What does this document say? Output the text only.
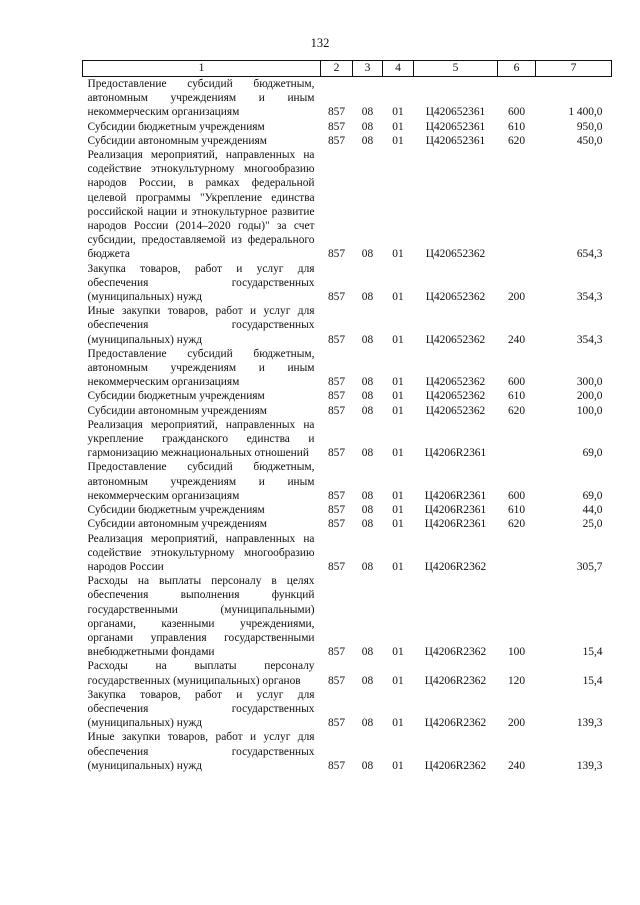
132
1	2	3	4	5	6	7
Предоставление субсидий бюджетным, автономным учреждениям и иным некоммерческим организациям	857	08	01	Ц420652361	600	1 400,0
Субсидии бюджетным учреждениям	857	08	01	Ц420652361	610	950,0
Субсидии автономным учреждениям	857	08	01	Ц420652361	620	450,0
Реализация мероприятий, направленных на содействие этнокультурному многообразию народов России, в рамках федеральной целевой программы "Укрепление единства российской нации и этнокультурное развитие народов России (2014–2020 годы)" за счет субсидии, предоставляемой из федерального бюджета	857	08	01	Ц420652362		654,3
Закупка товаров, работ и услуг для обеспечения государственных (муниципальных) нужд	857	08	01	Ц420652362	200	354,3
Иные закупки товаров, работ и услуг для обеспечения государственных (муниципальных) нужд	857	08	01	Ц420652362	240	354,3
Предоставление субсидий бюджетным, автономным учреждениям и иным некоммерческим организациям	857	08	01	Ц420652362	600	300,0
Субсидии бюджетным учреждениям	857	08	01	Ц420652362	610	200,0
Субсидии автономным учреждениям	857	08	01	Ц420652362	620	100,0
Реализация мероприятий, направленных на укрепление гражданского единства и гармонизацию межнациональных отношений	857	08	01	Ц4206R2361		69,0
Предоставление субсидий бюджетным, автономным учреждениям и иным некоммерческим организациям	857	08	01	Ц4206R2361	600	69,0
Субсидии бюджетным учреждениям	857	08	01	Ц4206R2361	610	44,0
Субсидии автономным учреждениям	857	08	01	Ц4206R2361	620	25,0
Реализация мероприятий, направленных на содействие этнокультурному многообразию народов России	857	08	01	Ц4206R2362		305,7
Расходы на выплаты персоналу в целях обеспечения выполнения функций государственными (муниципальными) органами, казенными учреждениями, органами управления государственными внебюджетными фондами	857	08	01	Ц4206R2362	100	15,4
Расходы на выплаты персоналу государственных (муниципальных) органов	857	08	01	Ц4206R2362	120	15,4
Закупка товаров, работ и услуг для обеспечения государственных (муниципальных) нужд	857	08	01	Ц4206R2362	200	139,3
Иные закупки товаров, работ и услуг для обеспечения государственных (муниципальных) нужд	857	08	01	Ц4206R2362	240	139,3
